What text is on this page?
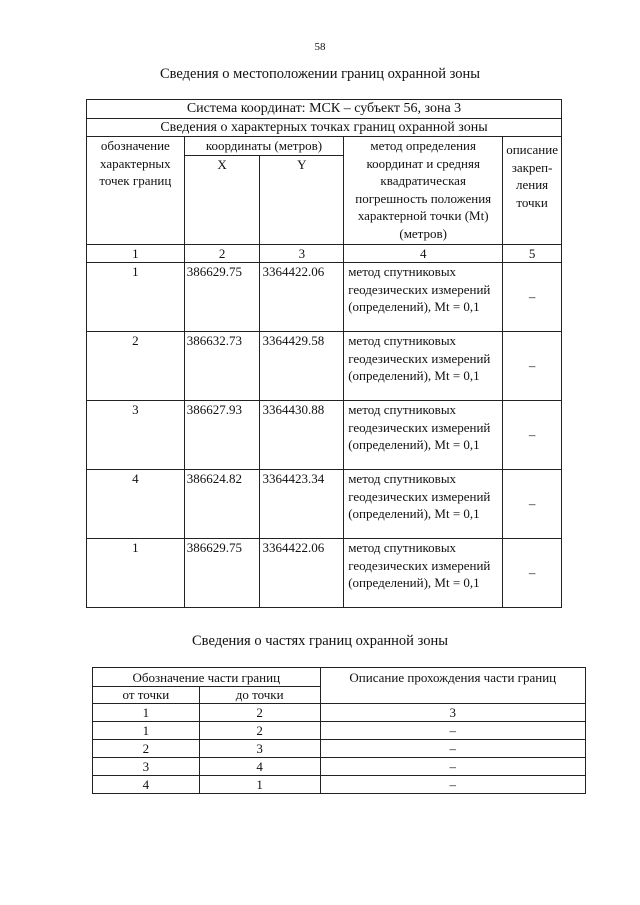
58
Сведения о местоположении границ охранной зоны
Система координат: МСК – субъект 56, зона 3				
Сведения о характерных точках границ охранной зоны				
обозначение характерных точек границ	координаты (метров)		метод определения координат и средняя квадратическая погрешность положения характерной точки (Mt) (метров)	описание закреп-ления точки
	X	Y		
1	2	3	4	5
1	386629.75	3364422.06	метод спутниковых геодезических измерений (определений), Mt = 0,1	–
2	386632.73	3364429.58	метод спутниковых геодезических измерений (определений), Mt = 0,1	–
3	386627.93	3364430.88	метод спутниковых геодезических измерений (определений), Mt = 0,1	–
4	386624.82	3364423.34	метод спутниковых геодезических измерений (определений), Mt = 0,1	–
1	386629.75	3364422.06	метод спутниковых геодезических измерений (определений), Mt = 0,1	–
Сведения о частях границ охранной зоны
Обозначение части границ		Описание прохождения части границ
от точки	до точки	
1	2	3
1	2	–
2	3	–
3	4	–
4	1	–
